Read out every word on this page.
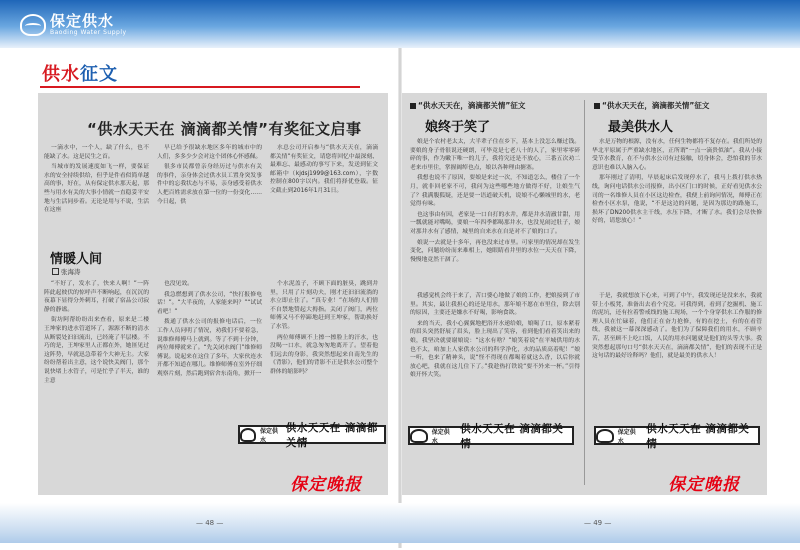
保定供水
Baoding Water Supply
供水征文
“供水天天在 滴滴都关情”有奖征文启事

一滴水中，一个人，缺了什么，也不能缺了水。这是民生之首。

当城市的发展速度如飞一样，要保证水的安全持续供给，但乎是件看似简单越高的事，好在，从有保定供水那天起，那些与用水有关的大事小情就一直稳妥平安地与生活同步着。无论是用与不说，生活在这座

早已给予很缺水地区多年的城市中的人们，多多少少会对这个团体心怀感佩。

很多市民都曾亲身经历过与供水有关的事件，亲身体会过供水员工置身突发事件中的忘我状态与不易，亲身感受着供水人把百姓需求放在第一位的一份变化……今日起，供

水总公司开启参与“供水天天在，滴滴都关情”有奖征文，请您将回忆中最深刻、最难忘、最感动的事写下来，发送到征文邮箱中（kjdsj1999@163.com），字数控制在800字以内。我们将择优登载。征文截止到2016年1月31日。

情暖人间
张海涛

“不好了，发水了，快来人啊！”一阵阵此起彼伏的惊呼声不断响起，在沉沉的夜幕下显得分外刺耳，打破了宿品公司寂静的静谧。

街坊阿帮纷纷出来查看，原来是二楼王坤家的进水管道坏了，源源不断的清水从断裂处汩汩流出，已经淹了半层楼。不巧的是，王坤家里人正都在外，她匪见过这阵势，早就迅急带着个大神无主。大家纷纷帮着出主意，这个说快关阀门，那个说快堵上水管子，可是忙乎了半天，谁的主意

也没见效。

我急燃想到了供水公司，“快打报修电话！”。“大半夜的，人家能来吗？”“试试看吧！”

拨通了供水公司的报修电话后，一位工作人员问明了情况，劝我们不要着急，说维修师傅马上就到。等了不到十分钟，两位师傅就来了。“先关闭水阀门”维修师傅说。说起来在这住了多年，大家伙连水开都不知道在哪儿。维修师傅在室外仔细观察片刻，然后跑到宿舍东南角，掀开一

个水泥盖子，不顾下面的脏臭，跳到井里，只用了片刻功夫，刚才还汩汩流淌的水立即止住了。“真专业！”在场的人们情不自禁地赞起大拇指。关闭了阀门，两位师傅又马不停蹄地赶到王坤家，帮助换好了水管。

两位师傅顾不上擦一擦脸上的汗水，也没喝一口水，就急匆匆地离开了。望着他们远去的身影，我突然想起来自南先生的《背影》，他们的背影不正是供水公司整个群体的缩影吗？

保定供水
供水天天在 滴滴都关情
“供水天天在，滴滴都关情”征文
娘终于笑了

娘是个农村老太太，大半辈子住在乡下，基本上没怎么赚过钱。要娘的身子骨很说还硬朗，可毕竟是七老八十的人了，家里零零碎碎的事，作为嫩下唯一的儿子，我将究还是不放心，三番五次劝二老来市里住，掌握阔绰也点，娘以各种理由搪塞。

我想也说不了原因，要娘是来过一次，不知道怎么，楼住了一个月，就非回老家不可，我问为这些哪些地方做得不好，让娘生气了？我满腹狐疑，还是要一语道破天机，说娘不心懒城里的水，老觉得有味。

也这事由有因，老家是一口自打的水井，都是井水清澈甘甜，用一瓢就能对嘴喝，要娘一年四季都喝那井水，也没见闹过肚子，娘对那井水有了感情，城里的自来水在自是对不了娘的口了。

娘说一去就是十多年，再也没来过市里。可家里的情况却在发生变化，问题纷纷而来难相上，她眼睛看井里的水位一天天在下降，慢慢地竟然干涸了。

我感觉机会终于来了，苦口婆心地做了娘的工作，把娘接到了市里。其实，最让我担心的还是用水，那年娘不愿在市里住，除去别的原因，主要还是嫌水不好喝，影响食欲。

来的当天，我小心翼翼地把浴开水递给娘，娘喝了口，原本紧着的眉头突然舒展了眉头，脸上现出了笑容，看到他们看着笑出来的娘，我坚决就要谢娘说：“这水有啥？”娘笑着说“在平城供用的水也不太，咱加上人家供水公司的科学净化，水的品质高着呢！”娘一听，也来了精神头，说“怪不得现在都喝着就这么香，以后你就放心吧，我就在这儿住下了。”我趁热打铁说“要不外来一杯。”引得娘开怀大笑。

保定供水
供水天天在 滴滴都关情
“供水天天在，滴滴都关情”征文
最美供水人

水是万物的根源，没有水，任何生物都将不复存在。我们所处的华北平原属于严重缺水地区，正所谓“一点一滴贵似油”。我从小接受节水教育，在不与供水公司有过接触，切身体会，恐怕我的节水意识也难以入脑入心。

那年刚过了清明，早晨起床后发现停水了，我马上拨打供水热线，询问电话供水公司报修，出小区门口的时候，正好看见供水公司的一名维修人员在小区这边检查，我便上前询问情况，师傅正在检查小区水泵，他说，“不是这边的问题，是因为那边的路施工，损坏了DN200供水主干线，水压下降，才断了水。我们会尽快修好的，请您放心！”

于是，我就想放下心来，可到了中午，我发现还是没来水，我就带上小板凳，准备出去看个究竟。可我得到，看到了挖掘机、施工的泥坑，还有拉着警戒线的施工现场，一个个身穿供水工作服的修理人员在忙碌着，他们正在奋力抢修，有的在挖土，有的在看管线，我被这一幕深深感动了。他们为了保障我们的用水，不顾辛苦，甚至顾不上吃口饭，人民的用水问题就是他们的头等大事。我突然想起那句口号“供水天天在，滴滴都关情”，他们的表现不正是这句话的最好诠释吗？他们，就是最美的供水人！

保定供水
供水天天在 滴滴都关情
保定晚报	保定晚报
— 48 —	— 49 —
